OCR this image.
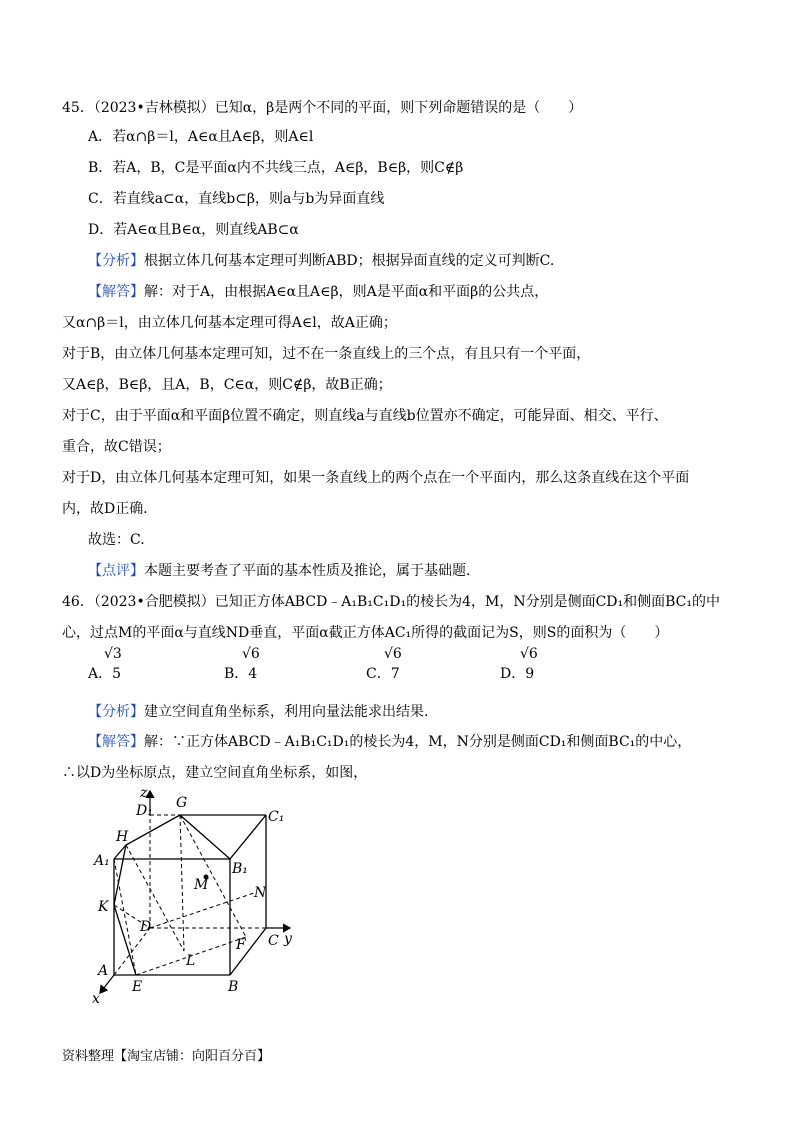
45．（2023•吉林模拟）已知α，β是两个不同的平面，则下列命题错误的是（　　）
A．若α∩β＝l，A∈α且A∈β，则A∈l
B．若A，B，C是平面α内不共线三点，A∈β，B∈β，则C∉β
C．若直线a⊂α，直线b⊂β，则a与b为异面直线
D．若A∈α且B∈α，则直线AB⊂α
【分析】根据立体几何基本定理可判断ABD；根据异面直线的定义可判断C.
【解答】解：对于A，由根据A∈α且A∈β，则A是平面α和平面β的公共点，
又α∩β＝l，由立体几何基本定理可得A∈l，故A正确；
对于B，由立体几何基本定理可知，过不在一条直线上的三个点，有且只有一个平面，
又A∈β，B∈β，且A，B，C∈α，则C∉β，故B正确；
对于C，由于平面α和平面β位置不确定，则直线a与直线b位置亦不确定，可能异面、相交、平行、
重合，故C错误；
对于D，由立体几何基本定理可知，如果一条直线上的两个点在一个平面内，那么这条直线在这个平面
内，故D正确．
故选：C.
【点评】本题主要考查了平面的基本性质及推论，属于基础题.
46．（2023•合肥模拟）已知正方体ABCD﹣A₁B₁C₁D₁的棱长为4，M，N分别是侧面CD₁和侧面BC₁的中
心，过点M的平面α与直线ND垂直，平面α截正方体AC₁所得的截面记为S，则S的面积为（　　）
A．5
√3
B．4
√6
C．7
√6
D．9
√6
【分析】建立空间直角坐标系，利用向量法能求出结果.
【解答】解：∵正方体ABCD﹣A₁B₁C₁D₁的棱长为4，M，N分别是侧面CD₁和侧面BC₁的中心，
∴以D为坐标原点，建立空间直角坐标系，如图，
z
y
x
D₁ G
C₁
H
A₁	B₁
M	N
K
D
F C
L
A
E	B
资料整理【淘宝店铺：向阳百分百】
